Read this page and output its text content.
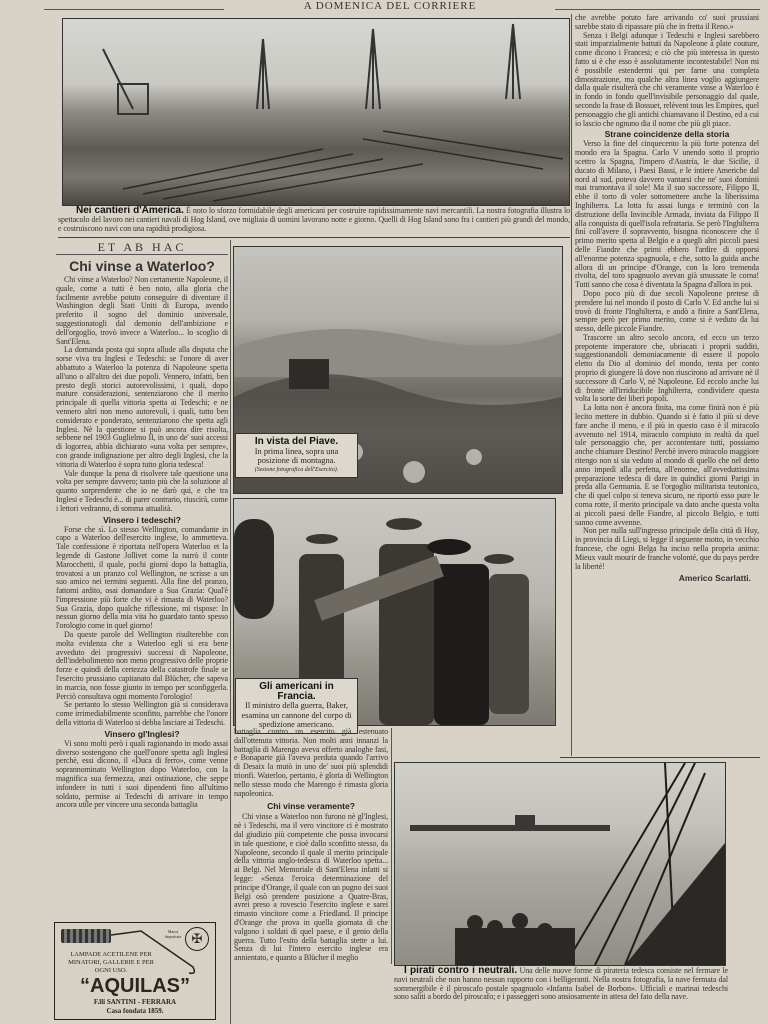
A DOMENICA DEL CORRIERE
Nei cantieri d'America. È noto lo sforzo formidabile degli americani per costruire rapidissimamente navi mercantili. La nostra fotografia illustra lo spettacolo del lavoro nei cantieri navali di Hog Island, ove migliaia di uomini lavorano notte e giorno. Quelli di Hog Island sono fra i cantieri più grandi del mondo, e costruiscono navi con una rapidità prodigiosa.
ET AB HAC
Chi vinse a Waterloo?

Chi vinse a Waterloo? Non certamente Napoleone, il quale, come a tutti è ben noto, alla gloria che facilmente avrebbe potuto conseguire di diventare il Washington degli Stati Uniti di Europa, avendo preferito il sogno del dominio universale, suggestionatogli dal demonio dell'ambizione e dell'orgoglio, trovò invece a Waterloo... lo scoglio di Sant'Elena.

La domanda posta qui sopra allude alla disputa che sorse viva tra Inglesi e Tedeschi: se l'onore di aver abbattuto a Waterloo la potenza di Napoleone spetta all'uno o all'altro dei due popoli. Vennero, infatti, ben presto degli storici autorevolissimi, i quali, dopo mature considerazioni, sentenziarono che il merito principale di quella vittoria spetta ai Tedeschi; e ne vennero altri non meno autorevoli, i quali, tutto ben considerato e ponderato, sentenziarono che spetta agli Inglesi. Nè la questione si può ancora dire risolta, sebbene nel 1903 Guglielmo II, in uno de' suoi accessi di logorrea, abbia dichiarato «una volta per sempre», con grande indignazione per altro degli Inglesi, che la vittoria di Waterloo è sopra tutto gloria tedesca!

Vale dunque la pena di risolvere tale questione una volta per sempre davvero; tanto più che la soluzione al quanto sorprendente che io ne darò qui, e che tra Inglesi e Tedeschi è... di parer contrario, riuscirà, come i lettori vedranno, di somma attualità.

Vinsero i tedeschi?

Forse che sì. Lo stesso Wellington, comandante in capo a Waterloo dell'esercito inglese, lo ammetteva. Tale confessione è riportata nell'opera Waterloo et la legende di Gastone Jollivet come la narrò il conte Marocchetti, il quale, pochi giorni dopo la battaglia, trovatosi a un pranzo col Wellington, ne scrisse a un suo amico nei termini seguenti. Alla fine del pranzo, fattomi ardito, osai domandare a Sua Grazia: Qual'è l'impressione più forte che vi è rimasta di Waterloo? Sua Grazia, dopo qualche riflessione, mi rispose: In nessun giorno della mia vita ho guardato tanto spesso l'orologio come in quel giorno!

Da queste parole del Wellington risulterebbe con molta evidenza che a Waterloo egli si era bene avveduto dei progressivi successi di Napoleone, dell'indebolimento non meno progressivo delle proprie forze e quindi della certezza della catastrofe finale se l'esercito prussiano capitanato dal Blücher, che sapeva in marcia, non fosse giunto in tempo per sconfiggerla. Perciò consultava ogni momento l'orologio!

Se pertanto lo stesso Wellington già si considerava come irrimediabilmente sconfitto, parrebbe che l'onore della vittoria di Waterloo si debba lasciare ai Tedeschi.

Vinsero gl'Inglesi?

Vi sono molti però i quali ragionando in modo assai diverso sostengono che quell'onore spetta agli Inglesi perchè, essi dicono, il «Duca di ferro», come venne soprannominato Wellington dopo Waterloo, con la magnifica sua fermezza, anzi ostinazione, che seppe infondere in tutti i suoi dipendenti fino all'ultimo soldato, permise ai Tedeschi di arrivare in tempo ancora utile per vincere una seconda battaglia

✠
Marca depositata
LAMPADE ACETILENE PER MINATORI, GALLERIE E PER OGNI USO.
“AQUILAS”
F.lli SANTINI - FERRARA
Casa fondata 1859.
In vista del Piave.
In prima linea, sopra una posizione di montagna.
(Sezione fotografica dell'Esercito).
Gli americani in Francia.
Il ministro della guerra, Baker, esamina un cannone del corpo di spedizione americano.

battaglia contro un esercito già estenuato dall'ottenuta vittoria. Non molti anni innanzi la battaglia di Marengo aveva offerto analoghe fasi, e Bonaparte già l'aveva perduta quando l'arrivo di Desaix la mutò in uno de' suoi più splendidi trionfi. Waterloo, pertanto, è gloria di Wellington nello stesso modo che Marengo è rimasta gloria napoleonica.

Chi vinse veramente?

Chi vinse a Waterloo non furono nè gl'Inglesi, nè i Tedeschi, ma il vero vincitore ci è mostrato dal giudizio più competente che possa invocarsi in tale questione, e cioè dallo sconfitto stesso, da Napoleone, secondo il quale il merito principale della vittoria anglo-tedesca di Waterloo spetta... ai Belgi. Nel Memoriale di Sant'Elena infatti si legge: «Senza l'eroica determinazione del principe d'Orange, il quale con un pugno dei suoi Belgi osò prendere posizione a Quatre-Bras, avrei preso a rovescio l'esercito inglese e sarei rimasto vincitore come a Friedland. Il principe d'Orange che prova in quella giornata di che valgono i soldati di quel paese, e il genio della guerra. Tutto l'esito della battaglia stette a lui. Senza di lui l'intero esercito inglese era annientato, e quanto a Blücher il meglio

I pirati contro i neutrali. Una delle nuove forme di pirateria tedesca consiste nel fermare le navi neutrali che non hanno nessun rapporto con i belligeranti. Nella nostra fotografia, la nave fermata dal sommergibile è il piroscafo postale spagnuolo «Infanta Isabel de Borbon». Ufficiali e marinai tedeschi sono saliti a bordo del piroscafo; e i passeggeri sono ansiosamente in attesa del fato della nave.

che avrebbe potuto fare arrivando co' suoi prussiani sarebbe stato di ripassare più che in fretta il Reno.»

Senza i Belgi adunque i Tedeschi e Inglesi sarebbero stati imparzialmente battuti da Napoleone à plate couture, come dicono i Francesi; e ciò che più interessa in questo fatto si è che esso è assolutamente incontestabile! Non mi è possibile estendermi qui per farne una completa dimostrazione, ma qualche altra linea voglio aggiungere dalla quale risulterà che chi veramente vinse a Waterloo è in fondo in fondo quell'invisibile personaggio dal quale, secondo la frase di Bossuet, relèvent tous les Empires, quel personaggio che gli antichi chiamavano il Destino, ed a cui io lascio che ognuno dia il nome che più gli piace.

Strane coincidenze della storia

Verso la fine del cinquecento la più forte potenza del mondo era la Spagna. Carlo V unendo sotto il proprio scettro la Spagna, l'impero d'Austria, le due Sicilie, il ducato di Milano, i Paesi Bassi, e le intiere Americhe dal nord al sud, poteva davvero vantarsi che ne' suoi dominii mai tramontava il sole! Ma il suo successore, Filippo II, ebbe il torto di voler sottomettere anche la liberissima Inghilterra. La lotta fu assai lunga e terminò con la distruzione della Invincible Armada, inviata da Filippo II alla conquista di quell'isola refrattaria. Se però l'Inghilterra finì coll'avere il sopravvento, bisogna riconoscere che il primo merito spetta al Belgio e a quegli altri piccoli paesi delle Fiandre che primi ebbero l'ardire di opporsi all'enorme potenza spagnuola, e che, sotto la guida anche allora di un principe d'Orange, con la loro tremenda rivolta, del toro spagnuolo avevan già smussate le corna! Tutti sanno che cosa è diventata la Spagna d'allora in poi.

Dopo poco più di due secoli Napoleone pretese di prendere lui nel mondo il posto di Carlo V. Ed anche lui si trovò di fronte l'Inghilterra, e andò a finire a Sant'Elena, sempre però per primo merito, come si è veduto da lui stesso, delle piccole Fiandre.

Trascorre un altro secolo ancora, ed ecco un terzo prepotente imperatore che, ubriacati i proprii sudditi, suggestionandoli demoniacamente di essere il popolo eletto da Dio al dominio del mondo, tenta per conto proprio di giungere là dove non riuscirono ad arrivare nè il successore di Carlo V, nè Napoleone. Ed eccolo anche lui di fronte all'irriducibile Inghilterra, condividere questa volta la sorte dei liberi popoli.

La lotta non è ancora finita, ma come finirà non è più lecito mettere in dubbio. Quando si è fatto il più si deve fare anche il meno, e il più in questo caso è il miracolo avvenuto nel 1914, miracolo compiuto in realtà da quel tale personaggio che, per accontentare tutti, possiamo anche chiamare Destino! Perchè invero miracolo maggiore ritengo non si sia veduto al mondo di quello che nel detto anno impedì alla perfetta, all'enorme, all'avveduttissima preparazione tedesca di dare in quindici giorni Parigi in preda alla Germania. E se l'orgoglio militarista teutonico, che di quel colpo si teneva sicuro, ne riportò esso pure le corna rotte, il merito principale va dato anche questa volta ai piccoli paesi delle Fiandre, al piccolo Belgio, e tutti sanno come avvenne.

Non per nulla sull'ingresso principale della città di Huy, in provincia di Liegi, si legge il seguente motto, in vecchio francese, che ogni Belga ha inciso nella propria anima: Mieux vault mourir de franche volonté, que du pays perdre la liberté!

Americo Scarlatti.
